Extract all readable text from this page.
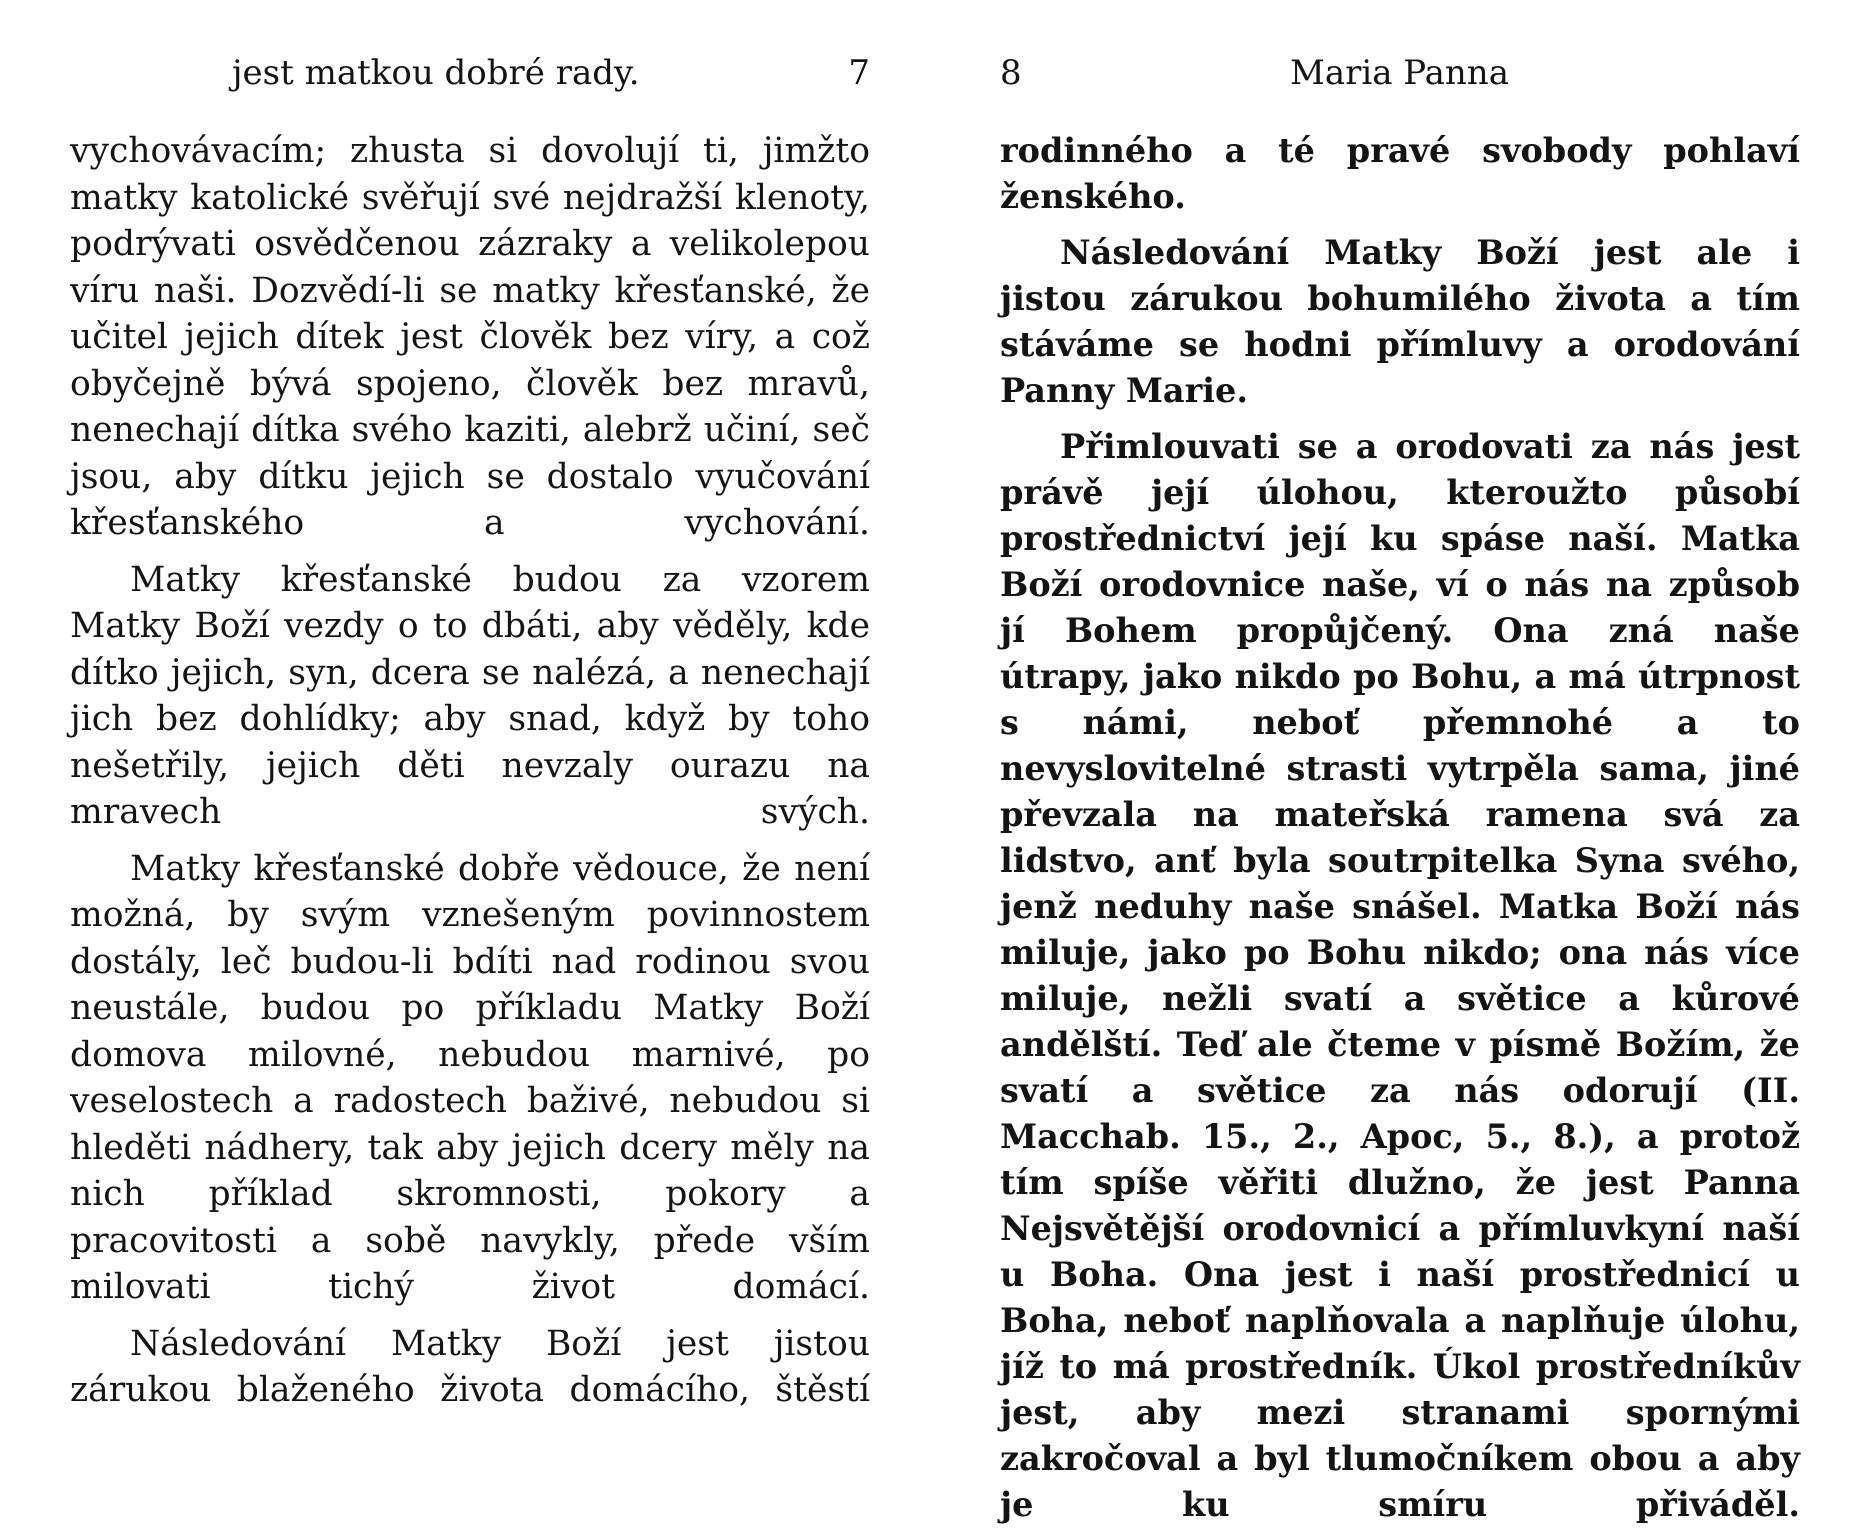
jest matkou dobré rady.	7

vychovávacím; zhusta si dovolují ti, jimžto matky katolické svěřují své nejdražší klenoty, podrývati osvědčenou zázraky a velikolepou víru naši. Dozvědí-li se matky křesťanské, že učitel jejich dítek jest člověk bez víry, a což obyčejně bývá spojeno, člověk bez mravů, nenechají dítka svého kaziti, alebrž učiní, seč jsou, aby dítku jejich se dostalo vyučování křesťanského a vychování.

Matky křesťanské budou za vzorem Matky Boží vezdy o to dbáti, aby věděly, kde dítko jejich, syn, dcera se nalézá, a nenechají jich bez dohlídky; aby snad, když by toho nešetřily, jejich děti nevzaly ourazu na mravech svých.

Matky křesťanské dobře vědouce, že není možná, by svým vznešeným povinnostem dostály, leč budou-li bdíti nad rodinou svou neustále, budou po příkladu Matky Boží domova milovné, nebudou marnivé, po veselostech a radostech baživé, nebudou si hleděti nádhery, tak aby jejich dcery měly na nich příklad skromnosti, pokory a pracovitosti a sobě navykly, přede vším milovati tichý život domácí.

Následování Matky Boží jest jistou zárukou blaženého života domácího, štěstí

8	Maria Panna

rodinného a té pravé svobody pohlaví ženského.

Následování Matky Boží jest ale i jistou zárukou bohumilého života a tím stáváme se hodni přímluvy a orodování Panny Marie.

Přimlouvati se a orodovati za nás jest právě její úlohou, kteroužto působí prostřednictví její ku spáse naší. Matka Boží orodovnice naše, ví o nás na způsob jí Bohem propůjčený. Ona zná naše útrapy, jako nikdo po Bohu, a má útrpnost s námi, neboť přemnohé a to nevyslovitelné strasti vytrpěla sama, jiné převzala na mateřská ramena svá za lidstvo, anť byla soutrpitelka Syna svého, jenž neduhy naše snášel. Matka Boží nás miluje, jako po Bohu nikdo; ona nás více miluje, nežli svatí a světice a kůrové andělští. Teď ale čteme v písmě Božím, že svatí a světice za nás odorují (II. Macchab. 15., 2., Apoc, 5., 8.), a protož tím spíše věřiti dlužno, že jest Panna Nejsvětější orodovnicí a přímluvkyní naší u Boha. Ona jest i naší prostřednicí u Boha, neboť naplňovala a naplňuje úlohu, jíž to má prostředník. Úkol prostředníkův jest, aby mezi stranami spornými zakročoval a byl tlumočníkem obou a aby je ku smíru přiváděl.
